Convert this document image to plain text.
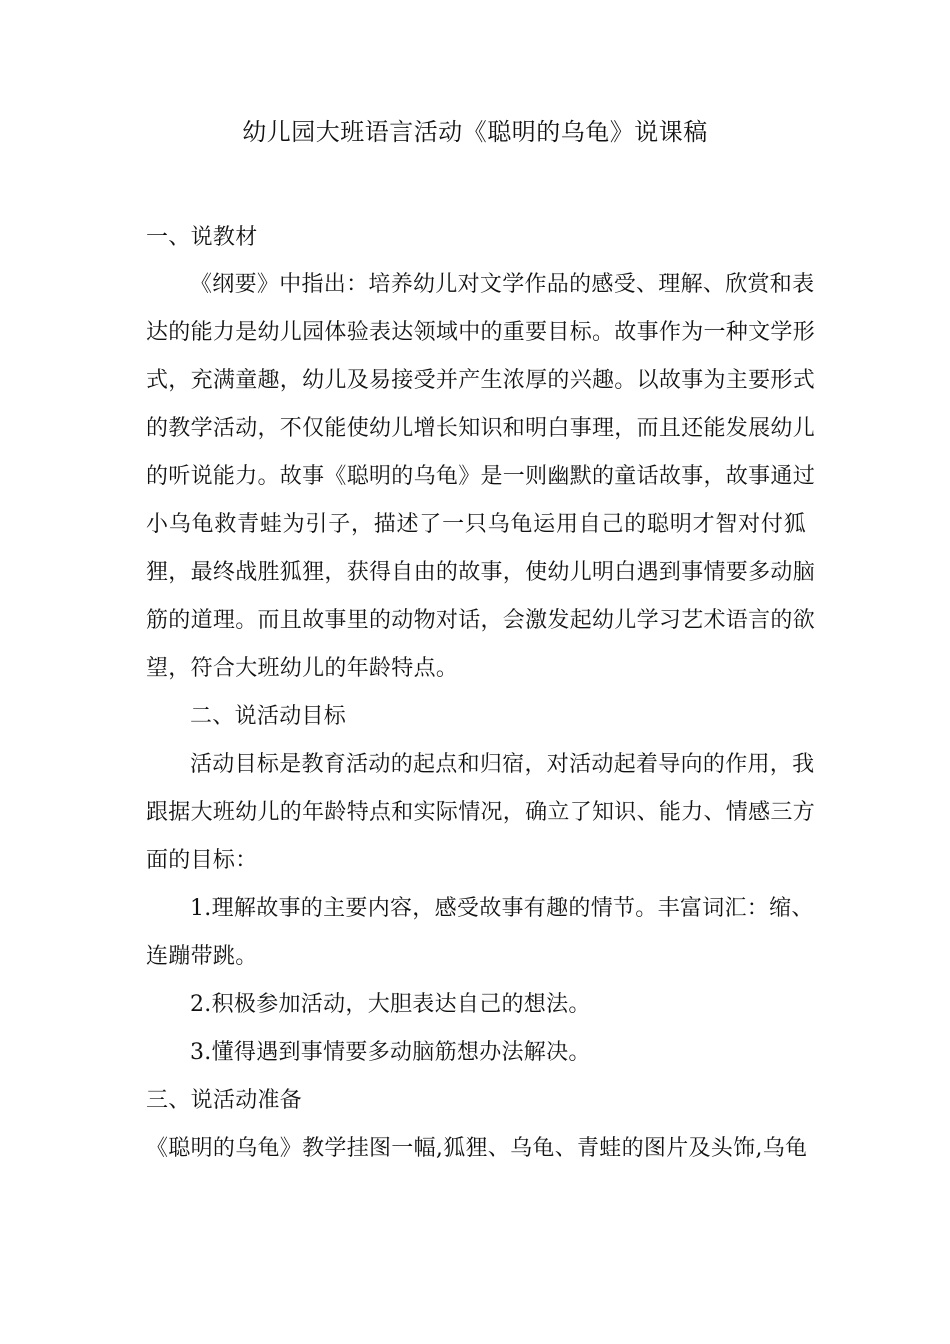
幼儿园大班语言活动《聪明的乌龟》说课稿
一、说教材
《纲要》中指出：培养幼儿对文学作品的感受、理解、欣赏和表
达的能力是幼儿园体验表达领域中的重要目标。故事作为一种文学形
式，充满童趣，幼儿及易接受并产生浓厚的兴趣。以故事为主要形式
的教学活动，不仅能使幼儿增长知识和明白事理，而且还能发展幼儿
的听说能力。故事《聪明的乌龟》是一则幽默的童话故事，故事通过
小乌龟救青蛙为引子，描述了一只乌龟运用自己的聪明才智对付狐
狸，最终战胜狐狸，获得自由的故事，使幼儿明白遇到事情要多动脑
筋的道理。而且故事里的动物对话，会激发起幼儿学习艺术语言的欲
望，符合大班幼儿的年龄特点。
二、说活动目标
活动目标是教育活动的起点和归宿，对活动起着导向的作用，我
跟据大班幼儿的年龄特点和实际情况，确立了知识、能力、情感三方
面的目标：
1.理解故事的主要内容，感受故事有趣的情节。丰富词汇：缩、
连蹦带跳。
2.积极参加活动，大胆表达自己的想法。
3.懂得遇到事情要多动脑筋想办法解决。
三、说活动准备
《聪明的乌龟》教学挂图一幅,狐狸、乌龟、青蛙的图片及头饰,乌龟
